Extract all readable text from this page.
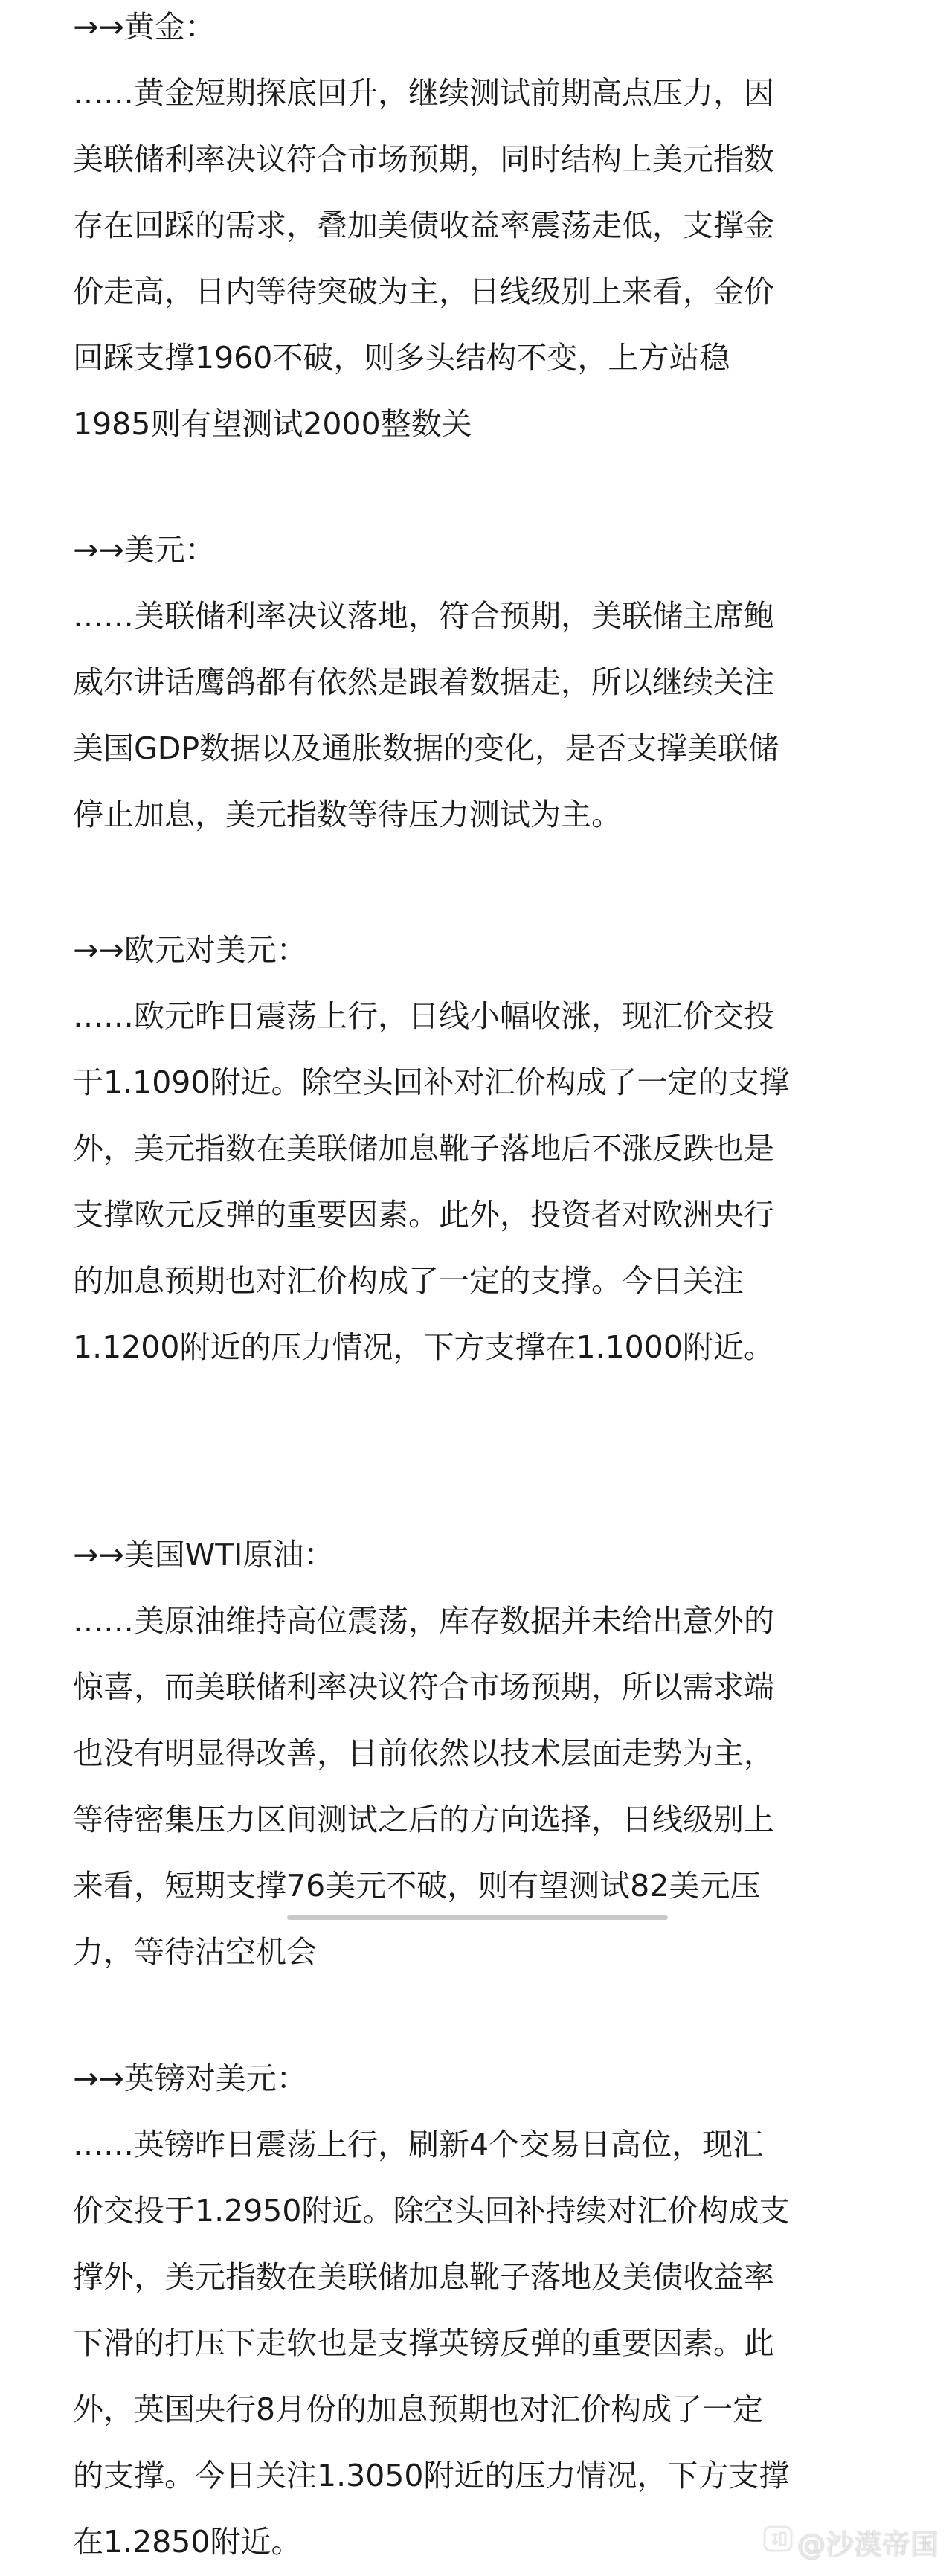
→→黄金：

……黄金短期探底回升，继续测试前期高点压力，因

美联储利率决议符合市场预期，同时结构上美元指数

存在回踩的需求，叠加美债收益率震荡走低，支撑金

价走高，日内等待突破为主，日线级别上来看，金价

回踩支撑1960不破，则多头结构不变，上方站稳

1985则有望测试2000整数关

→→美元：

……美联储利率决议落地，符合预期，美联储主席鲍

威尔讲话鹰鸽都有依然是跟着数据走，所以继续关注

美国GDP数据以及通胀数据的变化，是否支撑美联储

停止加息，美元指数等待压力测试为主。

→→欧元对美元：

……欧元昨日震荡上行，日线小幅收涨，现汇价交投

于1.1090附近。除空头回补对汇价构成了一定的支撑

外，美元指数在美联储加息靴子落地后不涨反跌也是

支撑欧元反弹的重要因素。此外，投资者对欧洲央行

的加息预期也对汇价构成了一定的支撑。今日关注

1.1200附近的压力情况，下方支撑在1.1000附近。

→→美国WTI原油：

……美原油维持高位震荡，库存数据并未给出意外的

惊喜，而美联储利率决议符合市场预期，所以需求端

也没有明显得改善，目前依然以技术层面走势为主，

等待密集压力区间测试之后的方向选择，日线级别上

来看，短期支撑76美元不破，则有望测试82美元压

力，等待沽空机会

→→英镑对美元：

……英镑昨日震荡上行，刷新4个交易日高位，现汇

价交投于1.2950附近。除空头回补持续对汇价构成支

撑外，美元指数在美联储加息靴子落地及美债收益率

下滑的打压下走软也是支撑英镑反弹的重要因素。此

外，英国央行8月份的加息预期也对汇价构成了一定

的支撑。今日关注1.3050附近的压力情况，下方支撑

在1.2850附近。	@沙漠帝国
